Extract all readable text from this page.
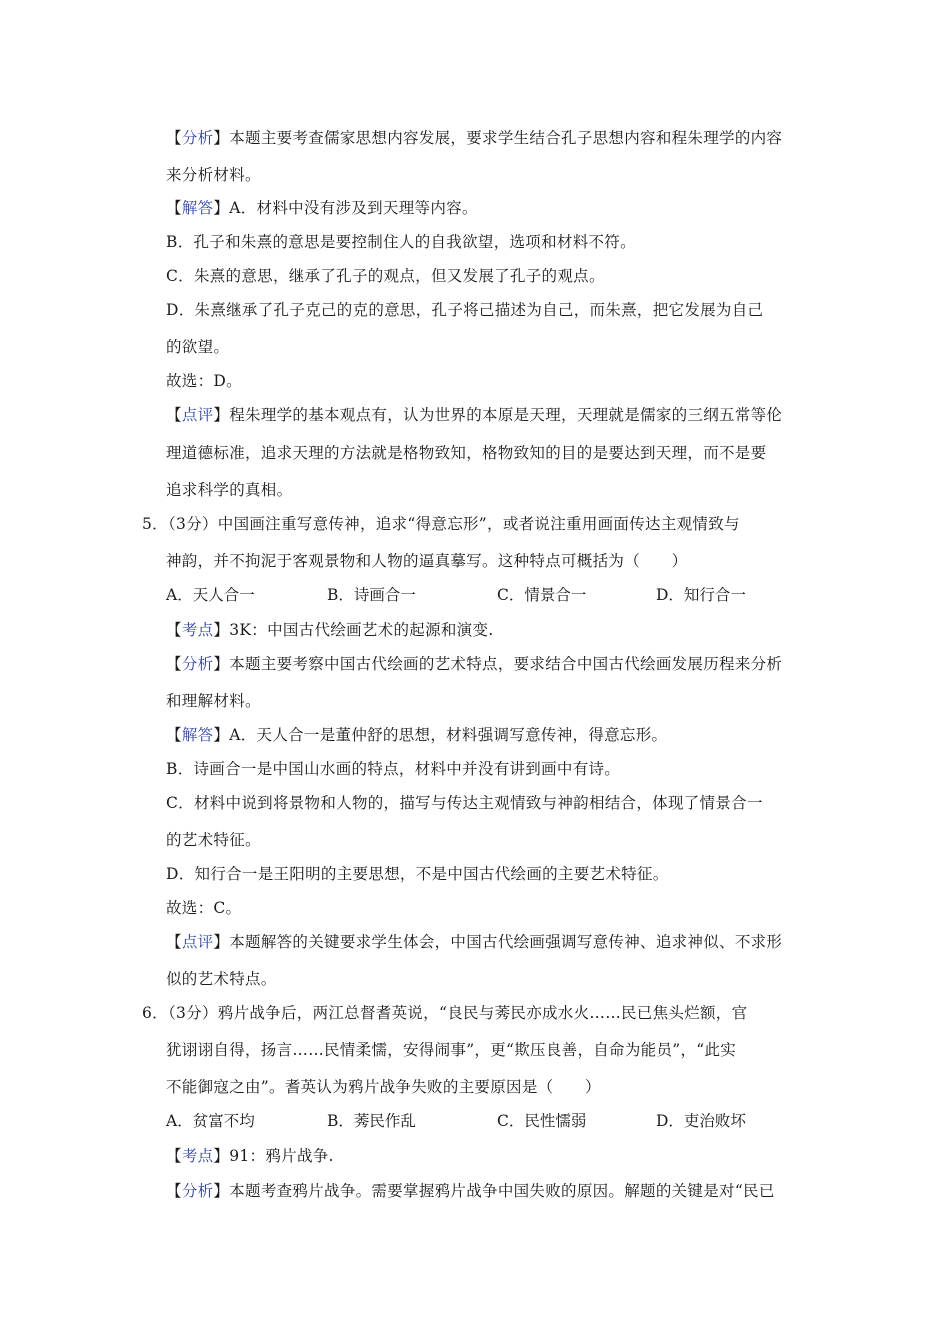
【分析】本题主要考查儒家思想内容发展，要求学生结合孔子思想内容和程朱理学的内容
来分析材料。
【解答】A．材料中没有涉及到天理等内容。
B．孔子和朱熹的意思是要控制住人的自我欲望，选项和材料不符。
C．朱熹的意思，继承了孔子的观点，但又发展了孔子的观点。
D．朱熹继承了孔子克己的克的意思，孔子将己描述为自己，而朱熹，把它发展为自己
的欲望。
故选：D。
【点评】程朱理学的基本观点有，认为世界的本原是天理，天理就是儒家的三纲五常等伦
理道德标准，追求天理的方法就是格物致知，格物致知的目的是要达到天理，而不是要
追求科学的真相。
5．（3分）中国画注重写意传神，追求“得意忘形”，或者说注重用画面传达主观情致与
神韵，并不拘泥于客观景物和人物的逼真摹写。这种特点可概括为（　　）
A．天人合一	B．诗画合一	C．情景合一	D．知行合一
【考点】3K：中国古代绘画艺术的起源和演变.
【分析】本题主要考察中国古代绘画的艺术特点，要求结合中国古代绘画发展历程来分析
和理解材料。
【解答】A．天人合一是董仲舒的思想，材料强调写意传神，得意忘形。
B．诗画合一是中国山水画的特点，材料中并没有讲到画中有诗。
C．材料中说到将景物和人物的，描写与传达主观情致与神韵相结合，体现了情景合一
的艺术特征。
D．知行合一是王阳明的主要思想，不是中国古代绘画的主要艺术特征。
故选：C。
【点评】本题解答的关键要求学生体会，中国古代绘画强调写意传神、追求神似、不求形
似的艺术特点。
6．（3分）鸦片战争后，两江总督耆英说，“良民与莠民亦成水火……民已焦头烂额，官
犹诩诩自得，扬言……民情柔懦，安得闹事”，更“欺压良善，自命为能员”，“此实
不能御寇之由”。耆英认为鸦片战争失败的主要原因是（　　）
A．贫富不均	B．莠民作乱	C．民性懦弱	D．吏治败坏
【考点】91：鸦片战争.
【分析】本题考查鸦片战争。需要掌握鸦片战争中国失败的原因。解题的关键是对“民已
